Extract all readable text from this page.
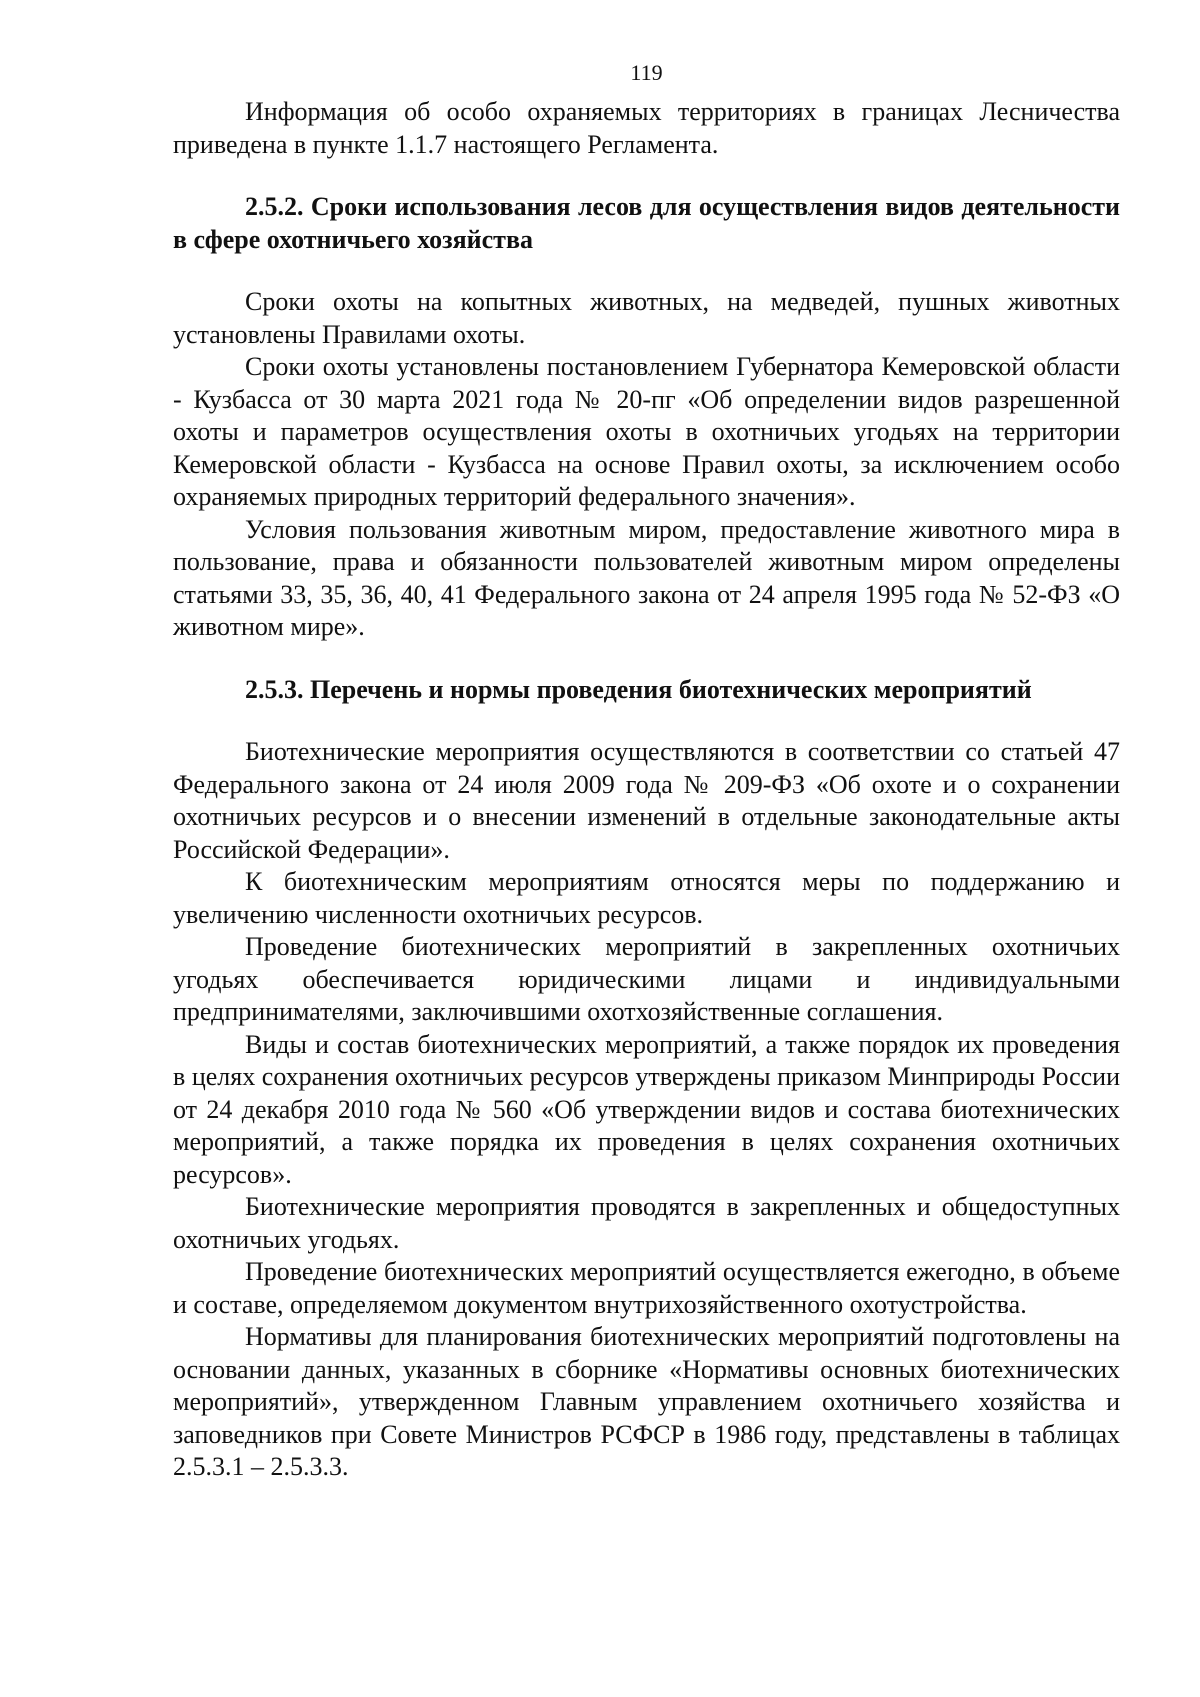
119

Информация об особо охраняемых территориях в границах Лесничества приведена в пункте 1.1.7 настоящего Регламента.

2.5.2. Сроки использования лесов для осуществления видов деятельности в сфере охотничьего хозяйства

Сроки охоты на копытных животных, на медведей, пушных животных установлены Правилами охоты.

Сроки охоты установлены постановлением Губернатора Кемеровской области - Кузбасса от 30 марта 2021 года № 20-пг «Об определении видов разрешенной охоты и параметров осуществления охоты в охотничьих угодьях на территории Кемеровской области - Кузбасса на основе Правил охоты, за исключением особо охраняемых природных территорий федерального значения».

Условия пользования животным миром, предоставление животного мира в пользование, права и обязанности пользователей животным миром определены статьями 33, 35, 36, 40, 41 Федерального закона от 24 апреля 1995 года № 52-ФЗ «О животном мире».

2.5.3. Перечень и нормы проведения биотехнических мероприятий

Биотехнические мероприятия осуществляются в соответствии со статьей 47 Федерального закона от 24 июля 2009 года № 209-ФЗ «Об охоте и о сохранении охотничьих ресурсов и о внесении изменений в отдельные законодательные акты Российской Федерации».

К биотехническим мероприятиям относятся меры по поддержанию и увеличению численности охотничьих ресурсов.

Проведение биотехнических мероприятий в закрепленных охотничьих угодьях обеспечивается юридическими лицами и индивидуальными предпринимателями, заключившими охотхозяйственные соглашения.

Виды и состав биотехнических мероприятий, а также порядок их проведения в целях сохранения охотничьих ресурсов утверждены приказом Минприроды России от 24 декабря 2010 года № 560 «Об утверждении видов и состава биотехнических мероприятий, а также порядка их проведения в целях сохранения охотничьих ресурсов».

Биотехнические мероприятия проводятся в закрепленных и общедоступных охотничьих угодьях.

Проведение биотехнических мероприятий осуществляется ежегодно, в объеме и составе, определяемом документом внутрихозяйственного охотустройства.

Нормативы для планирования биотехнических мероприятий подготовлены на основании данных, указанных в сборнике «Нормативы основных биотехнических мероприятий», утвержденном Главным управлением охотничьего хозяйства и заповедников при Совете Министров РСФСР в 1986 году, представлены в таблицах 2.5.3.1 – 2.5.3.3.
